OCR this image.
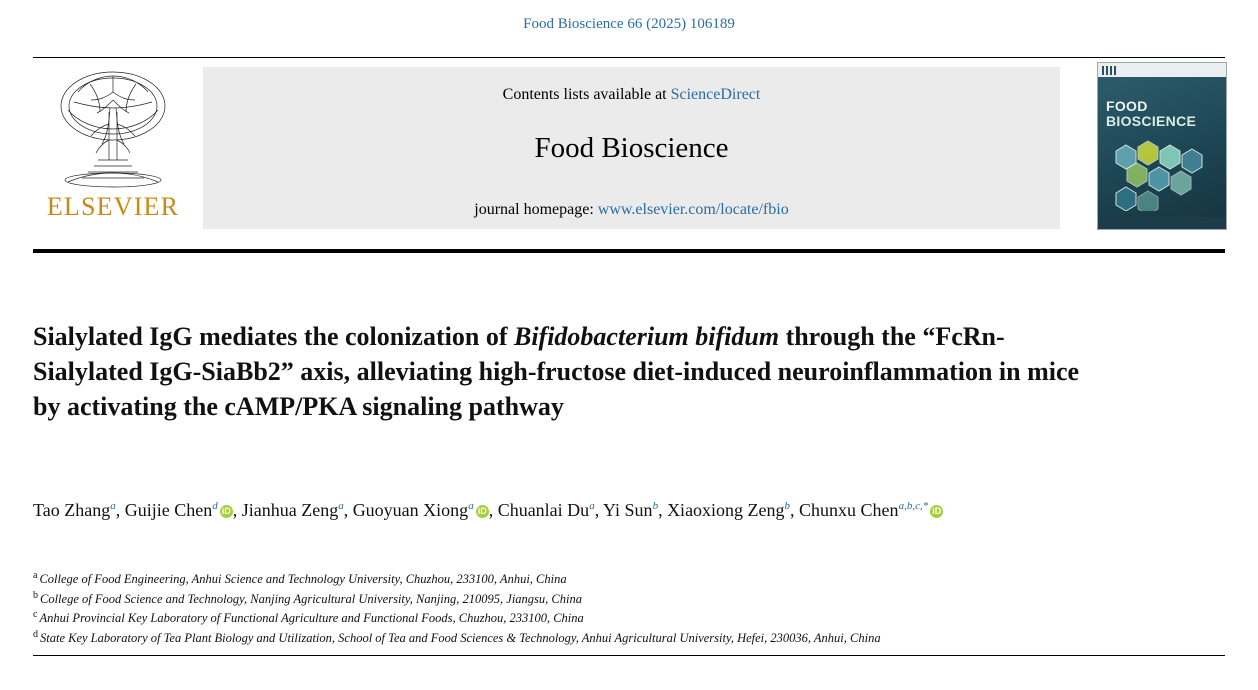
Food Bioscience 66 (2025) 106189
ELSEVIER
Contents lists available at ScienceDirect
Food Bioscience
journal homepage: www.elsevier.com/locate/fbio
FOOD
BIOSCIENCE
Sialylated IgG mediates the colonization of Bifidobacterium bifidum through the “FcRn-Sialylated IgG-SiaBb2” axis, alleviating high-fructose diet-induced neuroinflammation in mice by activating the cAMP/PKA signaling pathway
Tao Zhang$^a$, Guijie Chen$^d$ iD , Jianhua Zeng$^a$, Guoyuan Xiong$^a$ iD , Chuanlai Du$^a$, Yi Sun$^b$, Xiaoxiong Zeng$^b$, Chunxu Chen$^{a,b,c,*}$ iD
$^a$ College of Food Engineering, Anhui Science and Technology University, Chuzhou, 233100, Anhui, China
$^b$ College of Food Science and Technology, Nanjing Agricultural University, Nanjing, 210095, Jiangsu, China
$^c$ Anhui Provincial Key Laboratory of Functional Agriculture and Functional Foods, Chuzhou, 233100, China
$^d$ State Key Laboratory of Tea Plant Biology and Utilization, School of Tea and Food Sciences & Technology, Anhui Agricultural University, Hefei, 230036, Anhui, China
